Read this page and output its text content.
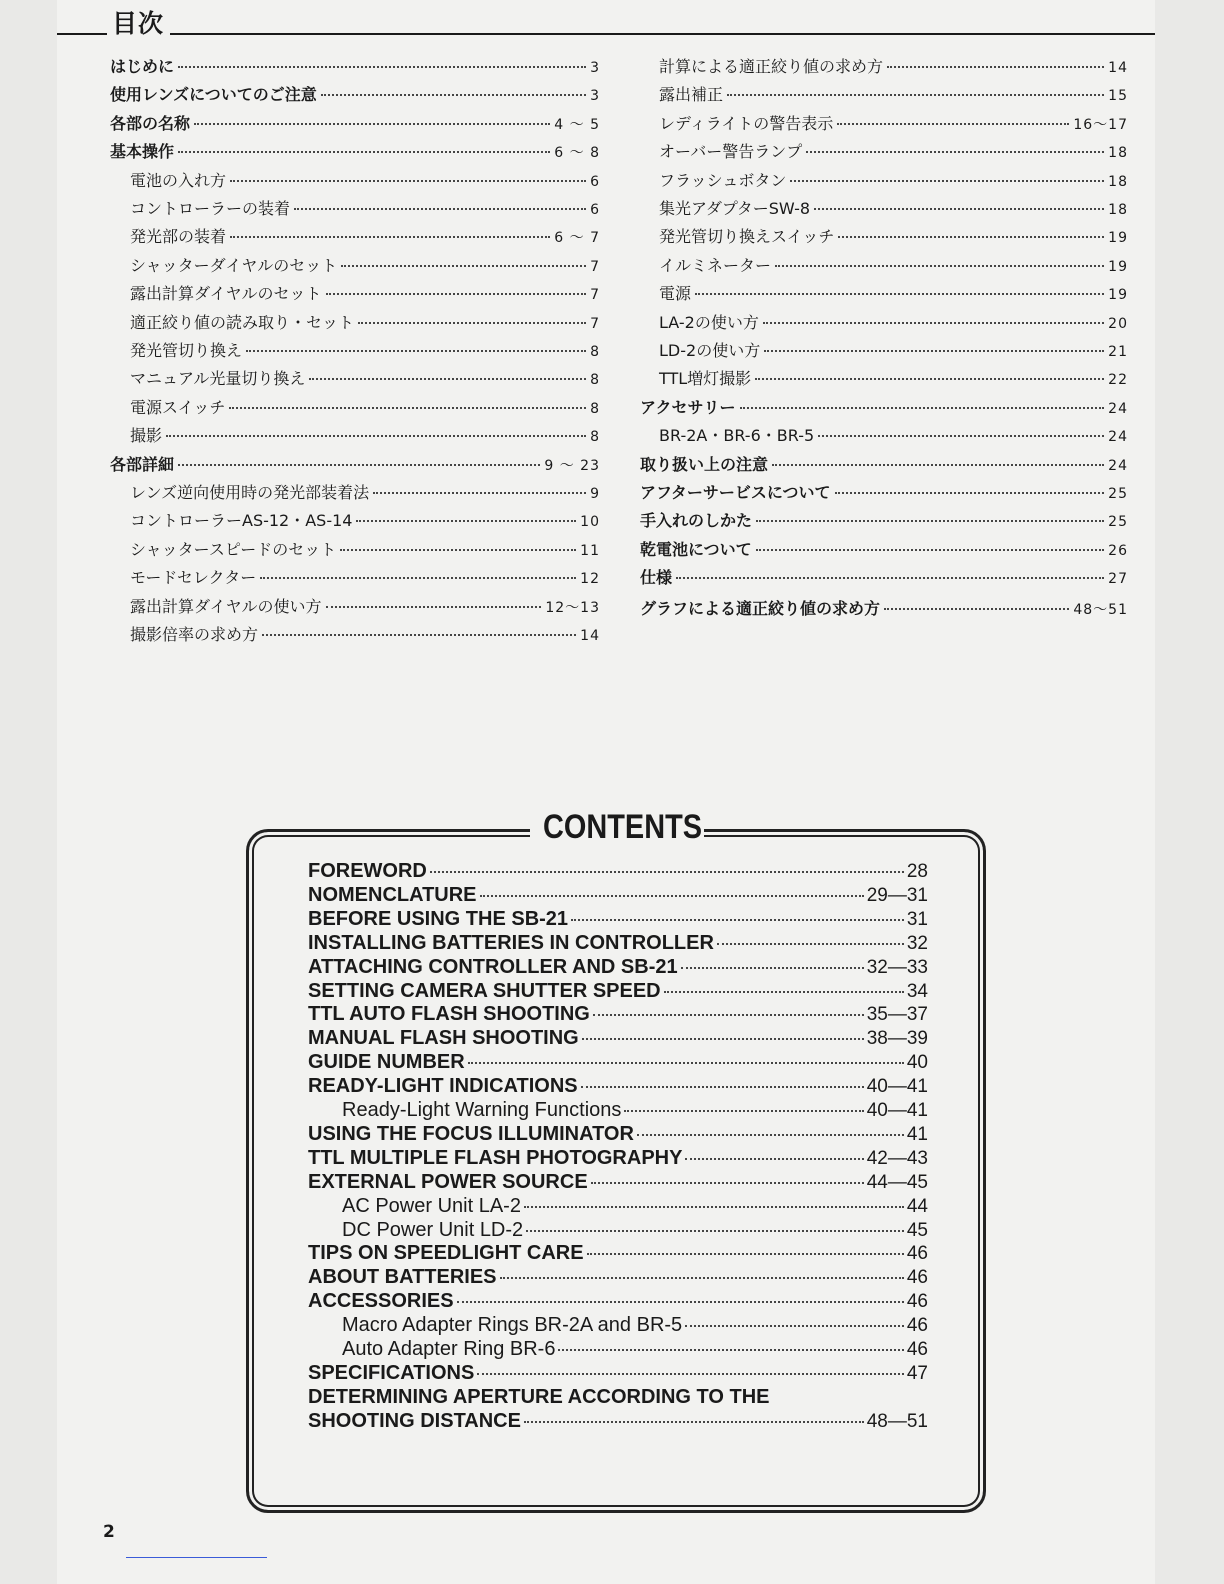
目次
はじめに	3
使用レンズについてのご注意	3
各部の名称	4 ～ 5
基本操作	6 ～ 8
電池の入れ方	6
コントローラーの装着	6
発光部の装着	6 ～ 7
シャッターダイヤルのセット	7
露出計算ダイヤルのセット	7
適正絞り値の読み取り・セット	7
発光管切り換え	8
マニュアル光量切り換え	8
電源スイッチ	8
撮影	8
各部詳細	9 ～ 23
レンズ逆向使用時の発光部装着法	9
コントローラーAS-12・AS-14	10
シャッタースピードのセット	11
モードセレクター	12
露出計算ダイヤルの使い方	12～13
撮影倍率の求め方	14
計算による適正絞り値の求め方	14
露出補正	15
レディライトの警告表示	16～17
オーバー警告ランプ	18
フラッシュボタン	18
集光アダプターSW-8	18
発光管切り換えスイッチ	19
イルミネーター	19
電源	19
LA-2の使い方	20
LD-2の使い方	21
TTL増灯撮影	22
アクセサリー	24
BR-2A・BR-6・BR-5	24
取り扱い上の注意	24
アフターサービスについて	25
手入れのしかた	25
乾電池について	26
仕様	27
グラフによる適正絞り値の求め方	48～51
CONTENTS
FOREWORD	28
NOMENCLATURE	29—31
BEFORE USING THE SB-21	31
INSTALLING BATTERIES IN CONTROLLER	32
ATTACHING CONTROLLER AND SB-21	32—33
SETTING CAMERA SHUTTER SPEED	34
TTL AUTO FLASH SHOOTING	35—37
MANUAL FLASH SHOOTING	38—39
GUIDE NUMBER	40
READY-LIGHT INDICATIONS	40—41
Ready-Light Warning Functions	40—41
USING THE FOCUS ILLUMINATOR	41
TTL MULTIPLE FLASH PHOTOGRAPHY	42—43
EXTERNAL POWER SOURCE	44—45
AC Power Unit LA-2	44
DC Power Unit LD-2	45
TIPS ON SPEEDLIGHT CARE	46
ABOUT BATTERIES	46
ACCESSORIES	46
Macro Adapter Rings BR-2A and BR-5	46
Auto Adapter Ring BR-6	46
SPECIFICATIONS	47
DETERMINING APERTURE ACCORDING TO THE
SHOOTING DISTANCE	48—51
2
